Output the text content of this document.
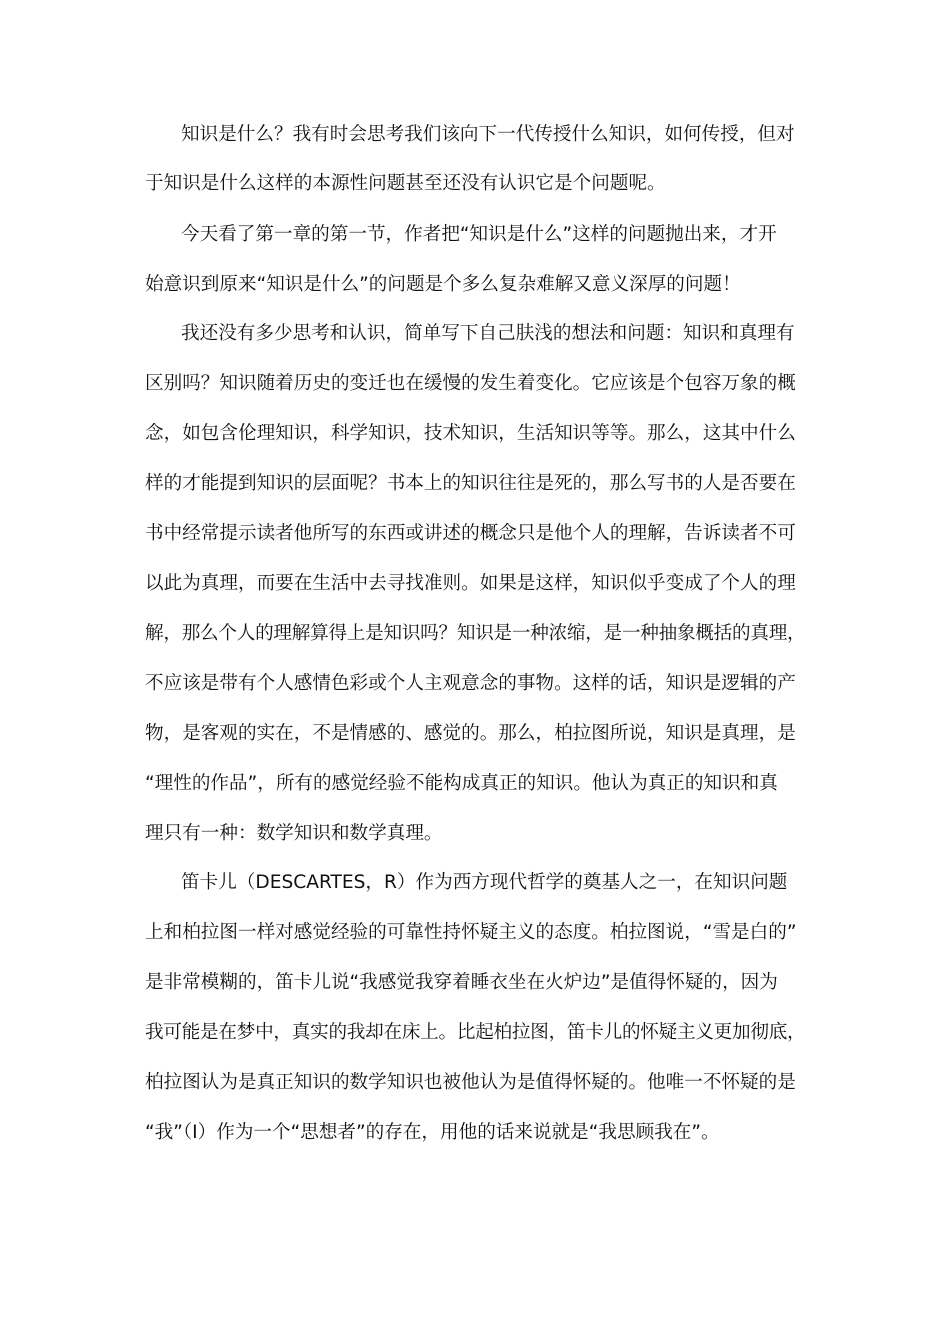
知识是什么？我有时会思考我们该向下一代传授什么知识，如何传授，但对

于知识是什么这样的本源性问题甚至还没有认识它是个问题呢。

今天看了第一章的第一节，作者把“知识是什么”这样的问题抛出来，才开

始意识到原来“知识是什么”的问题是个多么复杂难解又意义深厚的问题！

我还没有多少思考和认识，简单写下自己肤浅的想法和问题：知识和真理有

区别吗？知识随着历史的变迁也在缓慢的发生着变化。它应该是个包容万象的概

念，如包含伦理知识，科学知识，技术知识，生活知识等等。那么，这其中什么

样的才能提到知识的层面呢？书本上的知识往往是死的，那么写书的人是否要在

书中经常提示读者他所写的东西或讲述的概念只是他个人的理解，告诉读者不可

以此为真理，而要在生活中去寻找准则。如果是这样，知识似乎变成了个人的理

解，那么个人的理解算得上是知识吗？知识是一种浓缩，是一种抽象概括的真理，

不应该是带有个人感情色彩或个人主观意念的事物。这样的话，知识是逻辑的产

物，是客观的实在，不是情感的、感觉的。那么，柏拉图所说，知识是真理，是

“理性的作品”，所有的感觉经验不能构成真正的知识。他认为真正的知识和真

理只有一种：数学知识和数学真理。

笛卡儿（DESCARTES，R）作为西方现代哲学的奠基人之一，在知识问题

上和柏拉图一样对感觉经验的可靠性持怀疑主义的态度。柏拉图说，“雪是白的”

是非常模糊的，笛卡儿说“我感觉我穿着睡衣坐在火炉边”是值得怀疑的，因为

我可能是在梦中，真实的我却在床上。比起柏拉图，笛卡儿的怀疑主义更加彻底，

柏拉图认为是真正知识的数学知识也被他认为是值得怀疑的。他唯一不怀疑的是

“我”（I）作为一个“思想者”的存在，用他的话来说就是“我思顾我在”。
